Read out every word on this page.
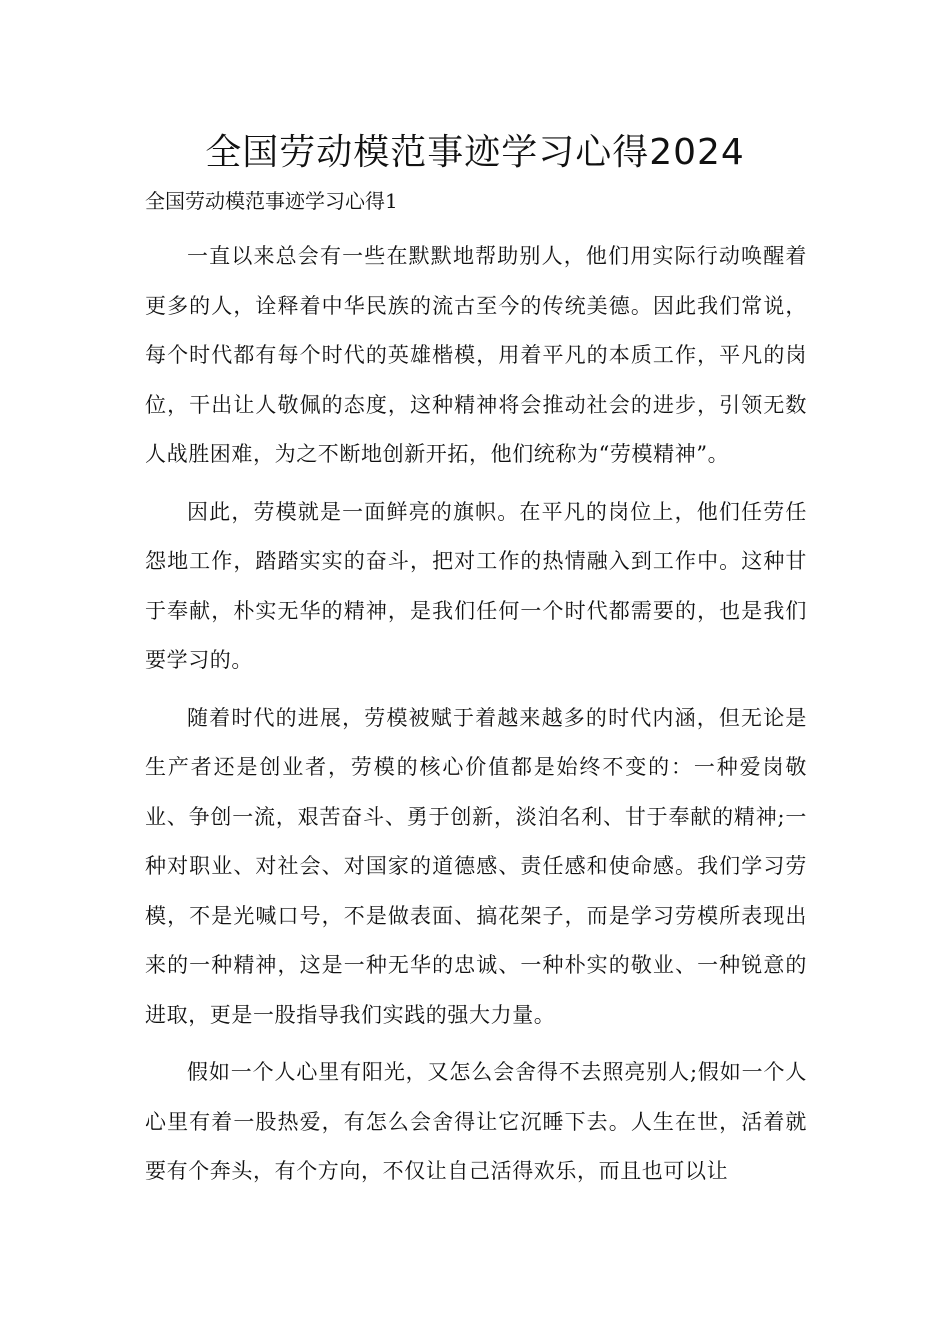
全国劳动模范事迹学习心得2024
全国劳动模范事迹学习心得1

一直以来总会有一些在默默地帮助别人，他们用实际行动唤醒着更多的人，诠释着中华民族的流古至今的传统美德。因此我们常说，每个时代都有每个时代的英雄楷模，用着平凡的本质工作，平凡的岗位，干出让人敬佩的态度，这种精神将会推动社会的进步，引领无数人战胜困难，为之不断地创新开拓，他们统称为“劳模精神”。

因此，劳模就是一面鲜亮的旗帜。在平凡的岗位上，他们任劳任怨地工作，踏踏实实的奋斗，把对工作的热情融入到工作中。这种甘于奉献，朴实无华的精神，是我们任何一个时代都需要的，也是我们要学习的。

随着时代的进展，劳模被赋于着越来越多的时代内涵，但无论是生产者还是创业者，劳模的核心价值都是始终不变的：一种爱岗敬业、争创一流，艰苦奋斗、勇于创新，淡泊名利、甘于奉献的精神;一种对职业、对社会、对国家的道德感、责任感和使命感。我们学习劳模，不是光喊口号，不是做表面、搞花架子，而是学习劳模所表现出来的一种精神，这是一种无华的忠诚、一种朴实的敬业、一种锐意的进取，更是一股指导我们实践的强大力量。

假如一个人心里有阳光，又怎么会舍得不去照亮别人;假如一个人心里有着一股热爱，有怎么会舍得让它沉睡下去。人生在世，活着就要有个奔头，有个方向，不仅让自己活得欢乐，而且也可以让
